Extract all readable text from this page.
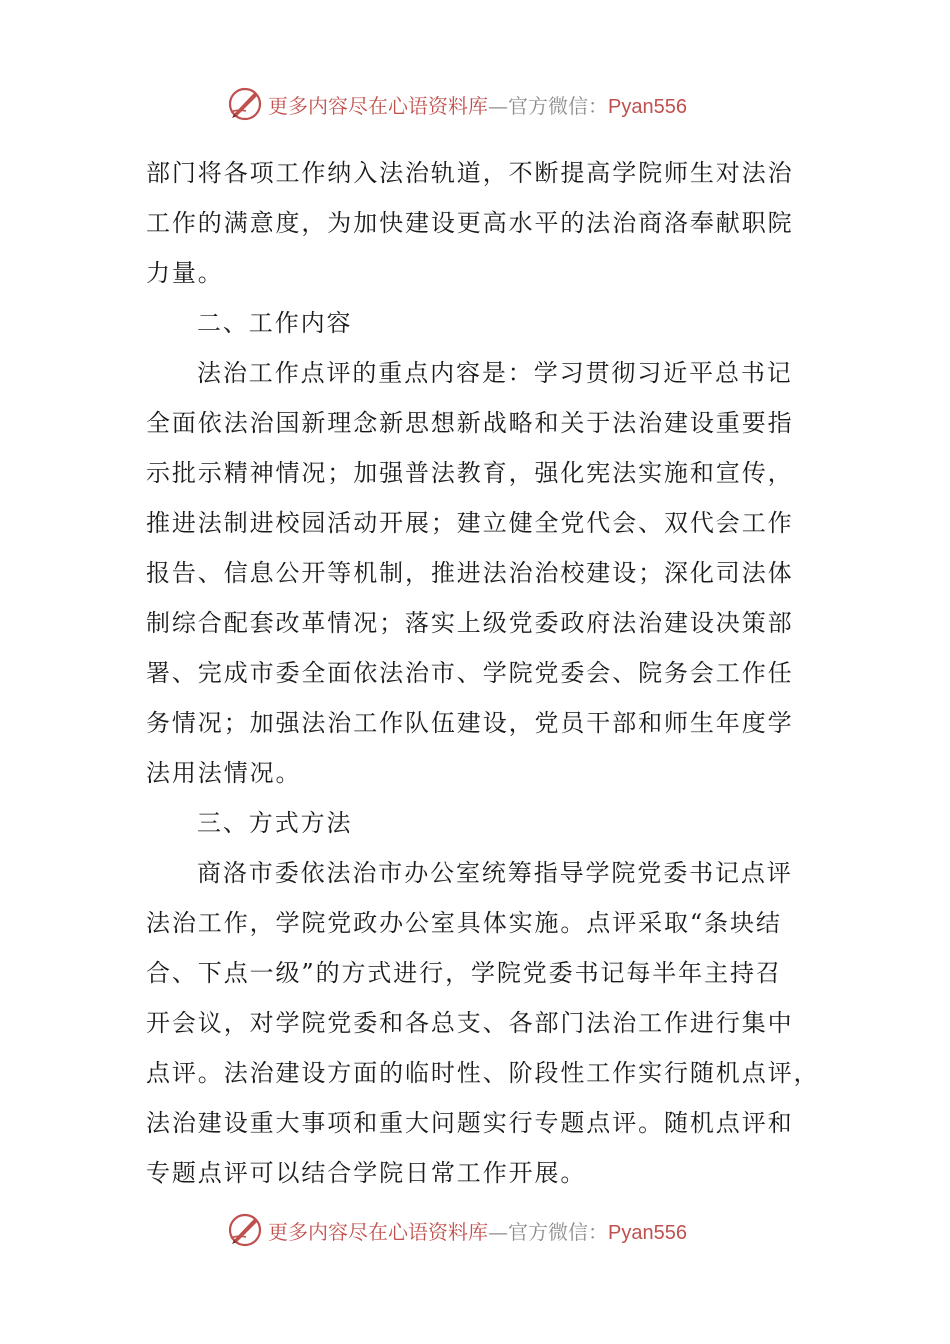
更多内容尽在心语资料库—官方微信：Pyan556
部门将各项工作纳入法治轨道，不断提高学院师生对法治
工作的满意度，为加快建设更高水平的法治商洛奉献职院
力量。
二、工作内容
法治工作点评的重点内容是：学习贯彻习近平总书记
全面依法治国新理念新思想新战略和关于法治建设重要指
示批示精神情况；加强普法教育，强化宪法实施和宣传，
推进法制进校园活动开展；建立健全党代会、双代会工作
报告、信息公开等机制，推进法治治校建设；深化司法体
制综合配套改革情况；落实上级党委政府法治建设决策部
署、完成市委全面依法治市、学院党委会、院务会工作任
务情况；加强法治工作队伍建设，党员干部和师生年度学
法用法情况。
三、方式方法
商洛市委依法治市办公室统筹指导学院党委书记点评
法治工作，学院党政办公室具体实施。点评采取“条块结
合、下点一级”的方式进行，学院党委书记每半年主持召
开会议，对学院党委和各总支、各部门法治工作进行集中
点评。法治建设方面的临时性、阶段性工作实行随机点评，
法治建设重大事项和重大问题实行专题点评。随机点评和
专题点评可以结合学院日常工作开展。
更多内容尽在心语资料库—官方微信：Pyan556
